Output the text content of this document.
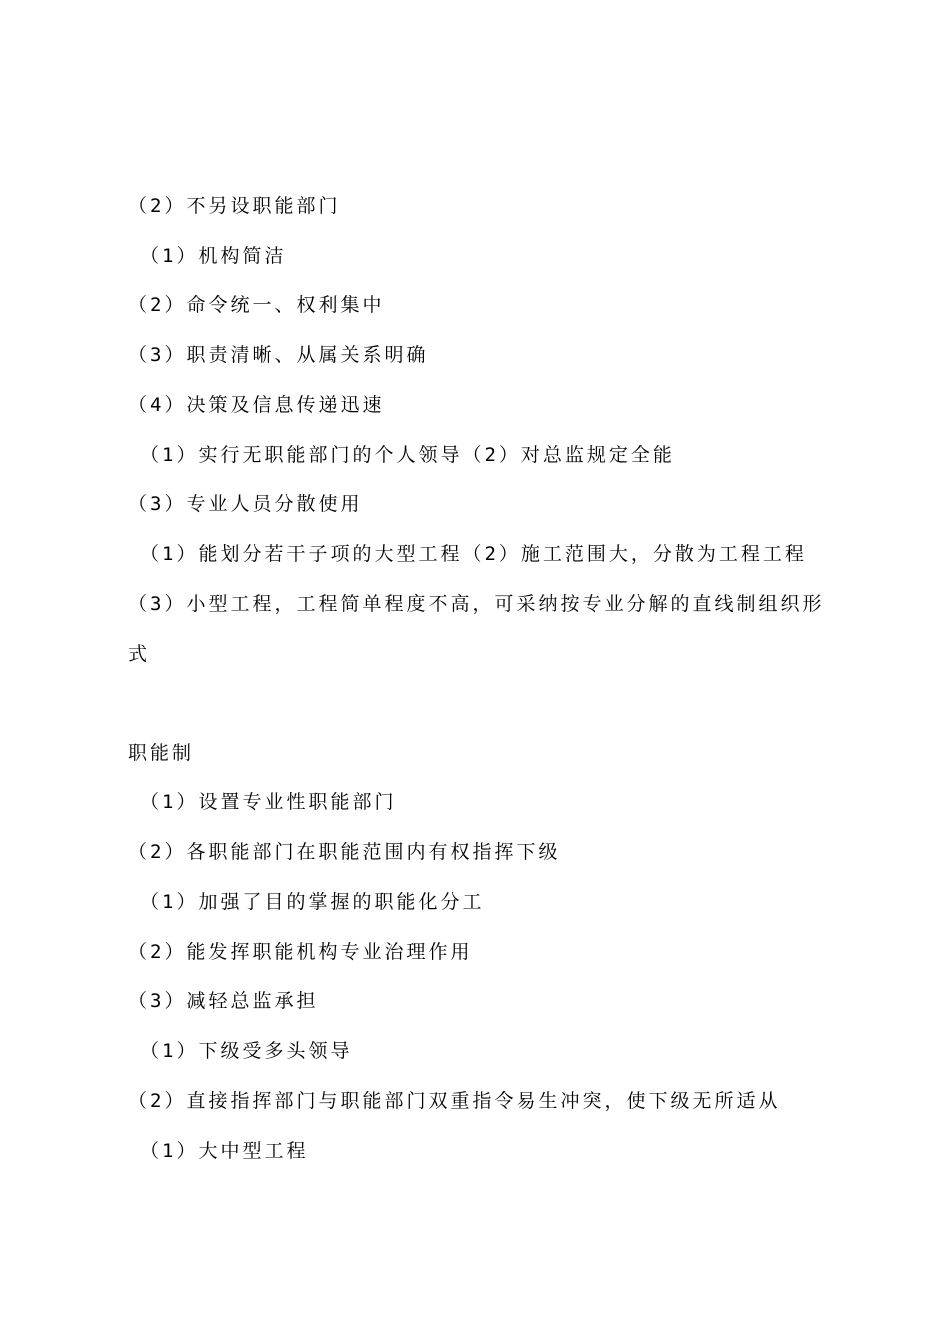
（2）不另设职能部门
（1）机构简洁
（2）命令统一、权利集中
（3）职责清晰、从属关系明确
（4）决策及信息传递迅速
（1）实行无职能部门的个人领导（2）对总监规定全能
（3）专业人员分散使用
（1）能划分若干子项的大型工程（2）施工范围大，分散为工程工程
（3）小型工程，工程简单程度不高，可采纳按专业分解的直线制组织形
式
职能制
（1）设置专业性职能部门
（2）各职能部门在职能范围内有权指挥下级
（1）加强了目的掌握的职能化分工
（2）能发挥职能机构专业治理作用
（3）减轻总监承担
（1）下级受多头领导
（2）直接指挥部门与职能部门双重指令易生冲突，使下级无所适从
（1）大中型工程
